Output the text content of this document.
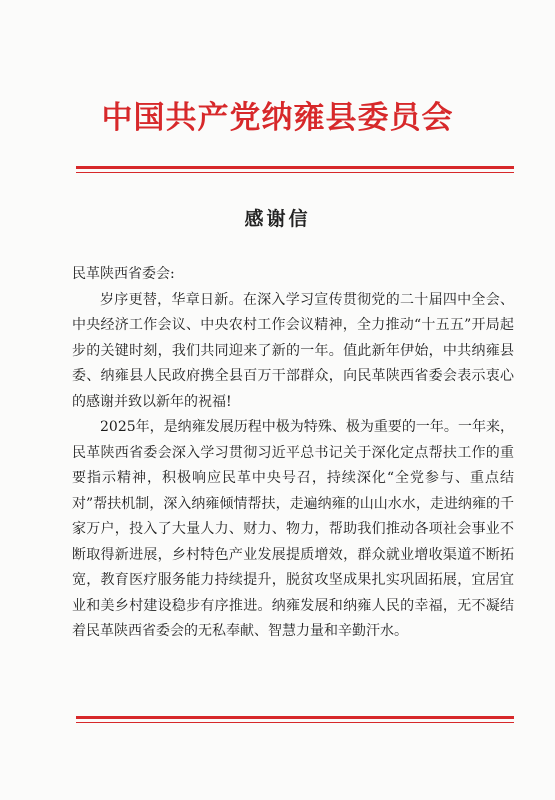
中国共产党纳雍县委员会
感谢信

民革陕西省委会:

岁序更替，华章日新。在深入学习宣传贯彻党的二十届四中全会、中央经济工作会议、中央农村工作会议精神，全力推动“十五五”开局起步的关键时刻，我们共同迎来了新的一年。值此新年伊始，中共纳雍县委、纳雍县人民政府携全县百万干部群众，向民革陕西省委会表示衷心的感谢并致以新年的祝福!

2025年，是纳雍发展历程中极为特殊、极为重要的一年。一年来，民革陕西省委会深入学习贯彻习近平总书记关于深化定点帮扶工作的重要指示精神，积极响应民革中央号召，持续深化“全党参与、重点结对”帮扶机制，深入纳雍倾情帮扶，走遍纳雍的山山水水，走进纳雍的千家万户，投入了大量人力、财力、物力，帮助我们推动各项社会事业不断取得新进展，乡村特色产业发展提质增效，群众就业增收渠道不断拓宽，教育医疗服务能力持续提升，脱贫攻坚成果扎实巩固拓展，宜居宜业和美乡村建设稳步有序推进。纳雍发展和纳雍人民的幸福，无不凝结着民革陕西省委会的无私奉献、智慧力量和辛勤汗水。
